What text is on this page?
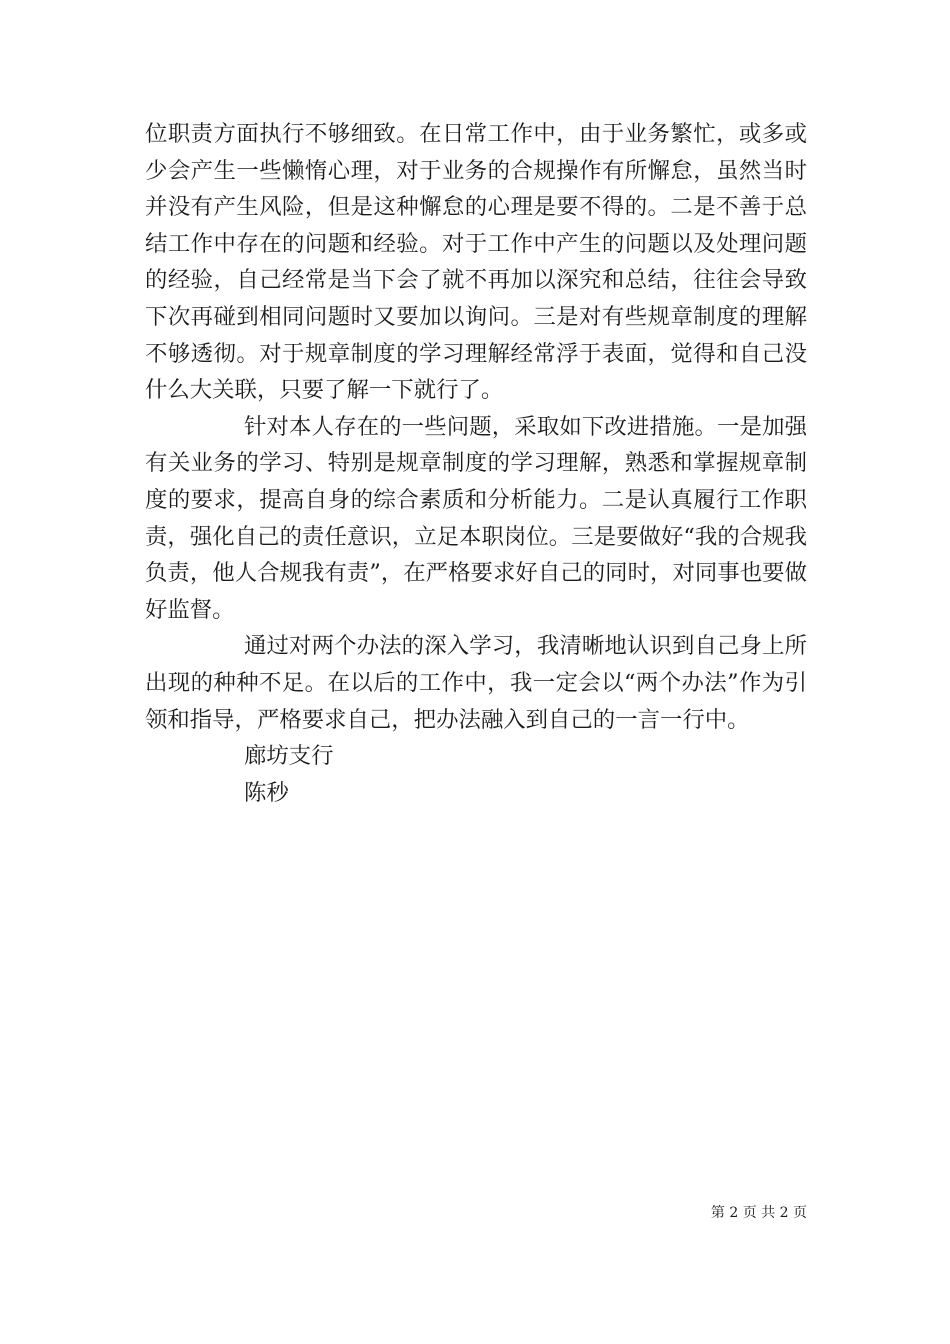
位职责方面执行不够细致。在日常工作中，由于业务繁忙，或多或少会产生一些懒惰心理，对于业务的合规操作有所懈怠，虽然当时并没有产生风险，但是这种懈怠的心理是要不得的。二是不善于总结工作中存在的问题和经验。对于工作中产生的问题以及处理问题的经验，自己经常是当下会了就不再加以深究和总结，往往会导致下次再碰到相同问题时又要加以询问。三是对有些规章制度的理解不够透彻。对于规章制度的学习理解经常浮于表面，觉得和自己没什么大关联，只要了解一下就行了。

针对本人存在的一些问题，采取如下改进措施。一是加强有关业务的学习、特别是规章制度的学习理解，熟悉和掌握规章制度的要求，提高自身的综合素质和分析能力。二是认真履行工作职责，强化自己的责任意识，立足本职岗位。三是要做好“我的合规我负责，他人合规我有责”，在严格要求好自己的同时，对同事也要做好监督。

通过对两个办法的深入学习，我清晰地认识到自己身上所出现的种种不足。在以后的工作中，我一定会以“两个办法”作为引领和指导，严格要求自己，把办法融入到自己的一言一行中。

廊坊支行

陈秒

第 2 页 共 2 页
